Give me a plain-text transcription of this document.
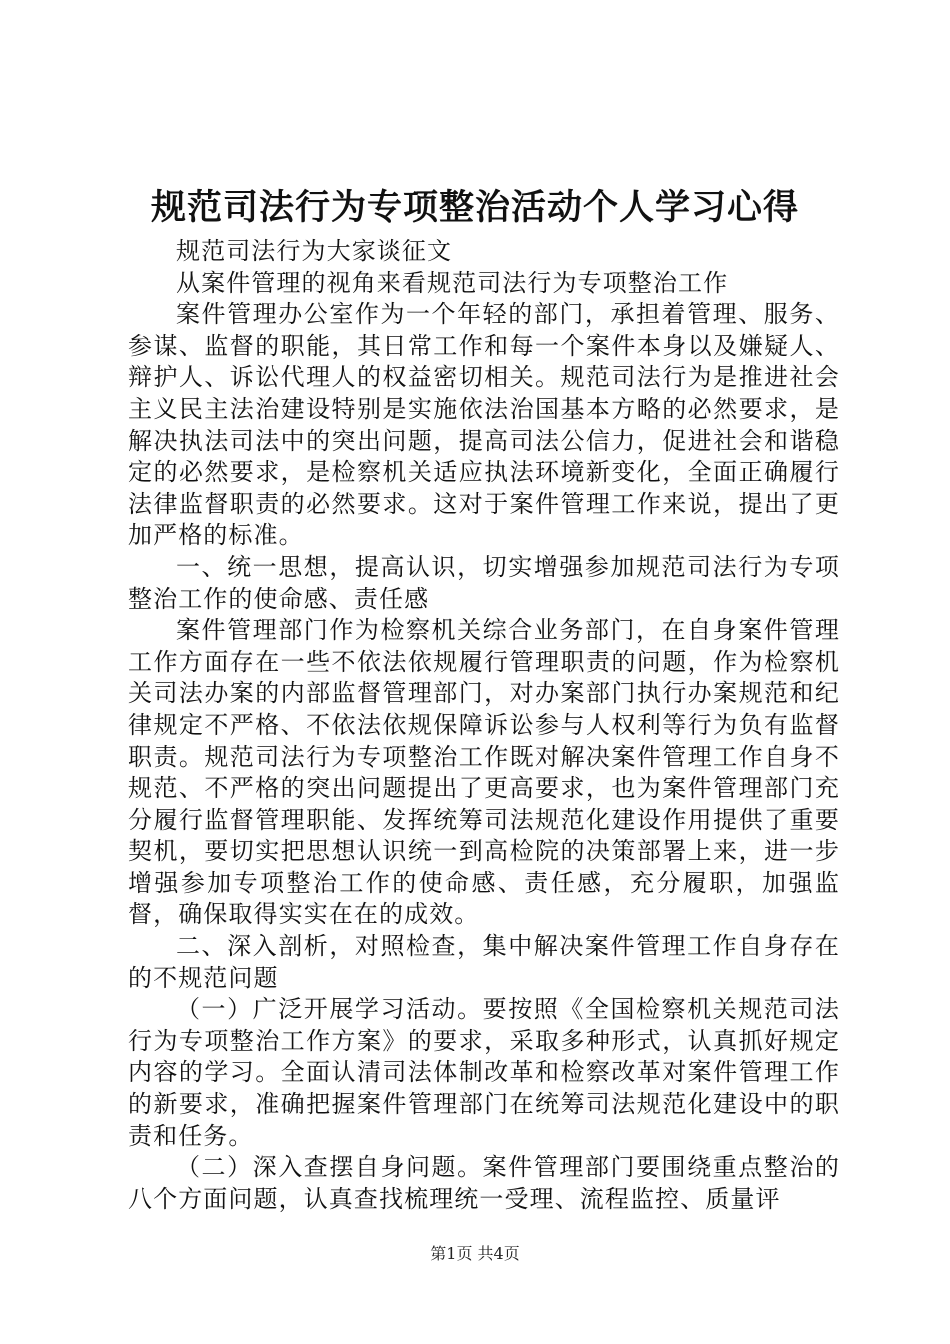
规范司法行为专项整治活动个人学习心得

规范司法行为大家谈征文

从案件管理的视角来看规范司法行为专项整治工作

案件管理办公室作为一个年轻的部门，承担着管理、服务、参谋、监督的职能，其日常工作和每一个案件本身以及嫌疑人、辩护人、诉讼代理人的权益密切相关。规范司法行为是推进社会主义民主法治建设特别是实施依法治国基本方略的必然要求，是解决执法司法中的突出问题，提高司法公信力，促进社会和谐稳定的必然要求，是检察机关适应执法环境新变化，全面正确履行法律监督职责的必然要求。这对于案件管理工作来说，提出了更加严格的标准。

一、统一思想，提高认识，切实增强参加规范司法行为专项整治工作的使命感、责任感

案件管理部门作为检察机关综合业务部门，在自身案件管理工作方面存在一些不依法依规履行管理职责的问题，作为检察机关司法办案的内部监督管理部门，对办案部门执行办案规范和纪律规定不严格、不依法依规保障诉讼参与人权利等行为负有监督职责。规范司法行为专项整治工作既对解决案件管理工作自身不规范、不严格的突出问题提出了更高要求，也为案件管理部门充分履行监督管理职能、发挥统筹司法规范化建设作用提供了重要契机，要切实把思想认识统一到高检院的决策部署上来，进一步增强参加专项整治工作的使命感、责任感，充分履职，加强监督，确保取得实实在在的成效。

二、深入剖析，对照检查，集中解决案件管理工作自身存在的不规范问题

（一）广泛开展学习活动。要按照《全国检察机关规范司法行为专项整治工作方案》的要求，采取多种形式，认真抓好规定内容的学习。全面认清司法体制改革和检察改革对案件管理工作的新要求，准确把握案件管理部门在统筹司法规范化建设中的职责和任务。

（二）深入查摆自身问题。案件管理部门要围绕重点整治的八个方面问题，认真查找梳理统一受理、流程监控、质量评

第1页 共4页
